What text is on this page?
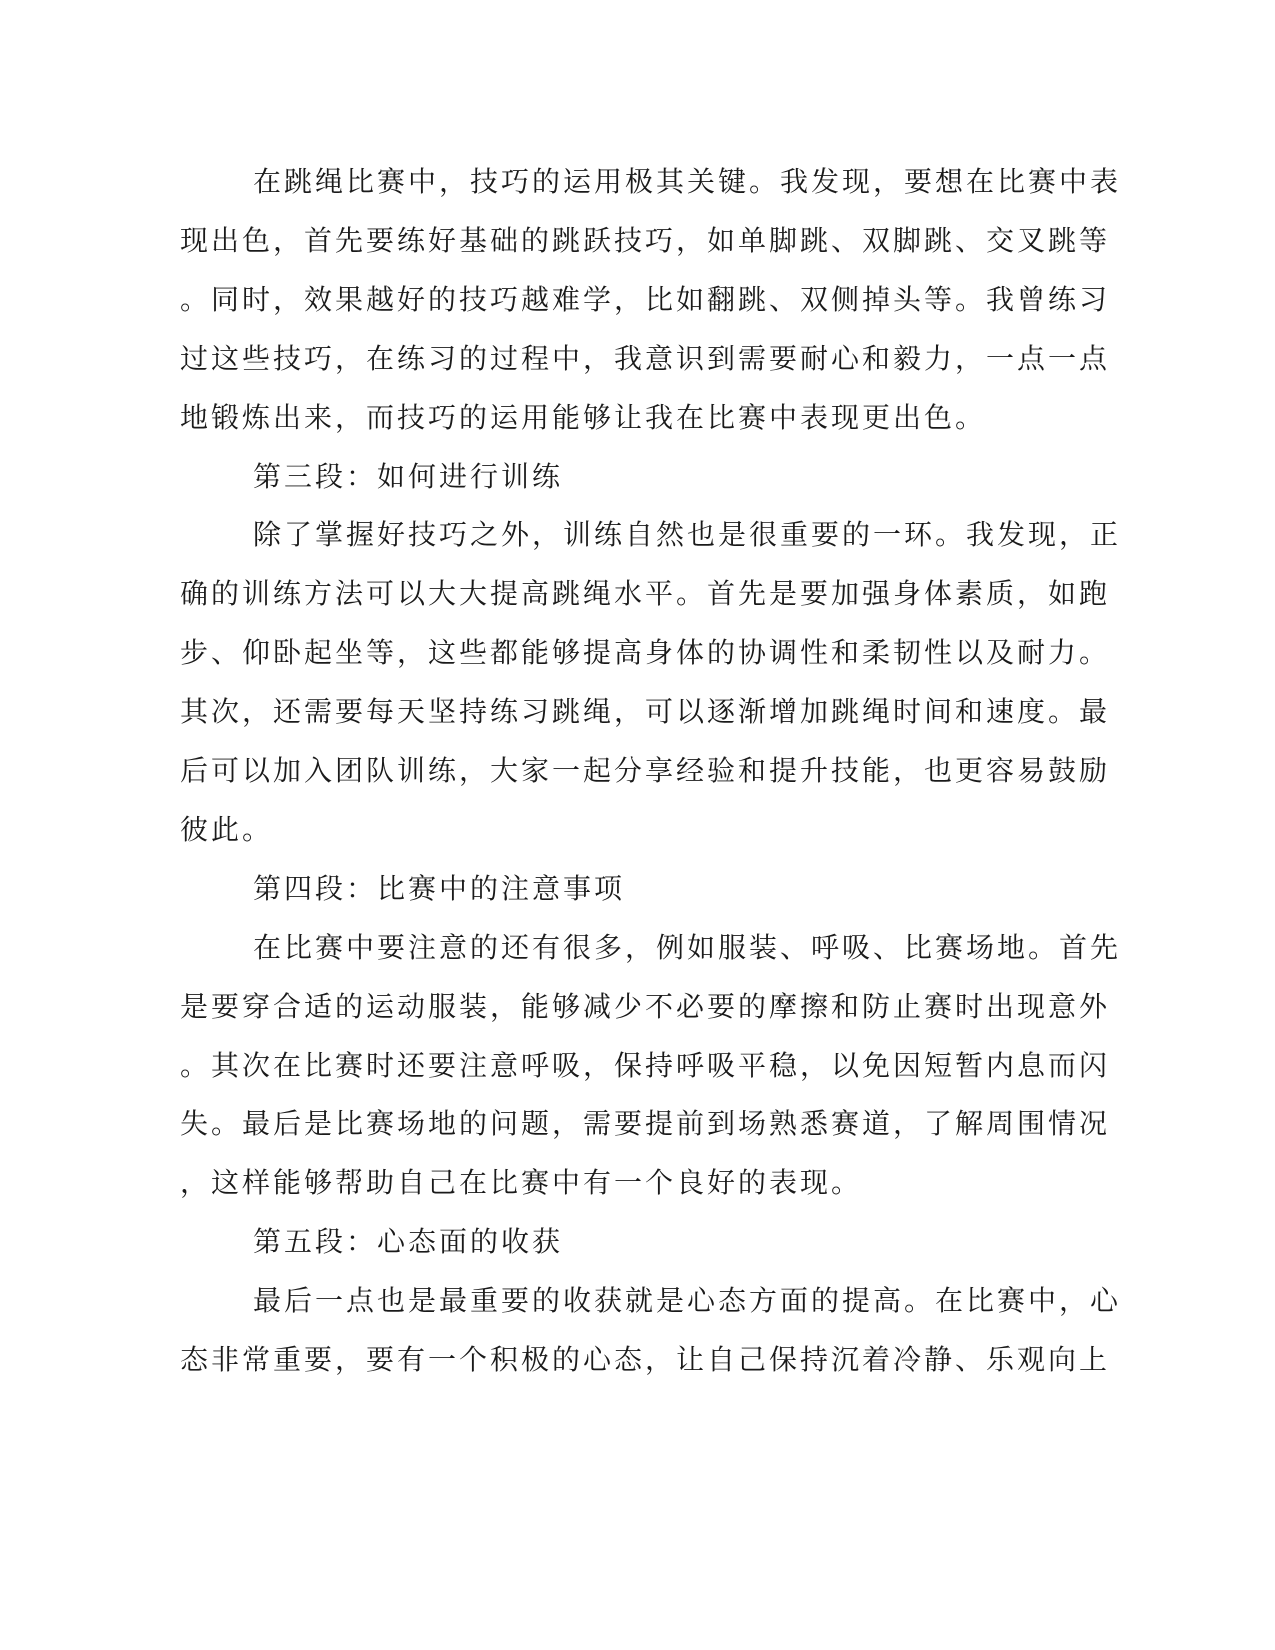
在跳绳比赛中，技巧的运用极其关键。我发现，要想在比赛中表
现出色，首先要练好基础的跳跃技巧，如单脚跳、双脚跳、交叉跳等
。同时，效果越好的技巧越难学，比如翻跳、双侧掉头等。我曾练习
过这些技巧，在练习的过程中，我意识到需要耐心和毅力，一点一点
地锻炼出来，而技巧的运用能够让我在比赛中表现更出色。
第三段：如何进行训练
除了掌握好技巧之外，训练自然也是很重要的一环。我发现，正
确的训练方法可以大大提高跳绳水平。首先是要加强身体素质，如跑
步、仰卧起坐等，这些都能够提高身体的协调性和柔韧性以及耐力。
其次，还需要每天坚持练习跳绳，可以逐渐增加跳绳时间和速度。最
后可以加入团队训练，大家一起分享经验和提升技能，也更容易鼓励
彼此。
第四段：比赛中的注意事项
在比赛中要注意的还有很多，例如服装、呼吸、比赛场地。首先
是要穿合适的运动服装，能够减少不必要的摩擦和防止赛时出现意外
。其次在比赛时还要注意呼吸，保持呼吸平稳，以免因短暂内息而闪
失。最后是比赛场地的问题，需要提前到场熟悉赛道，了解周围情况
，这样能够帮助自己在比赛中有一个良好的表现。
第五段：心态面的收获
最后一点也是最重要的收获就是心态方面的提高。在比赛中，心
态非常重要，要有一个积极的心态，让自己保持沉着冷静、乐观向上
